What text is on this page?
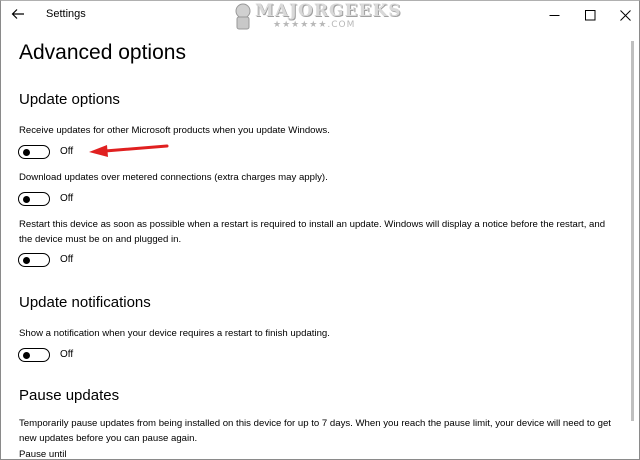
Settings	MAJORGEEKS
★★★★★★.COM
Advanced options
Update options
Receive updates for other Microsoft products when you update Windows.
Off
Download updates over metered connections (extra charges may apply).
Off
Restart this device as soon as possible when a restart is required to install an update. Windows will display a notice before the restart, and the device must be on and plugged in.
Off
Update notifications
Show a notification when your device requires a restart to finish updating.
Off
Pause updates
Temporarily pause updates from being installed on this device for up to 7 days. When you reach the pause limit, your device will need to get new updates before you can pause again.
Pause until
